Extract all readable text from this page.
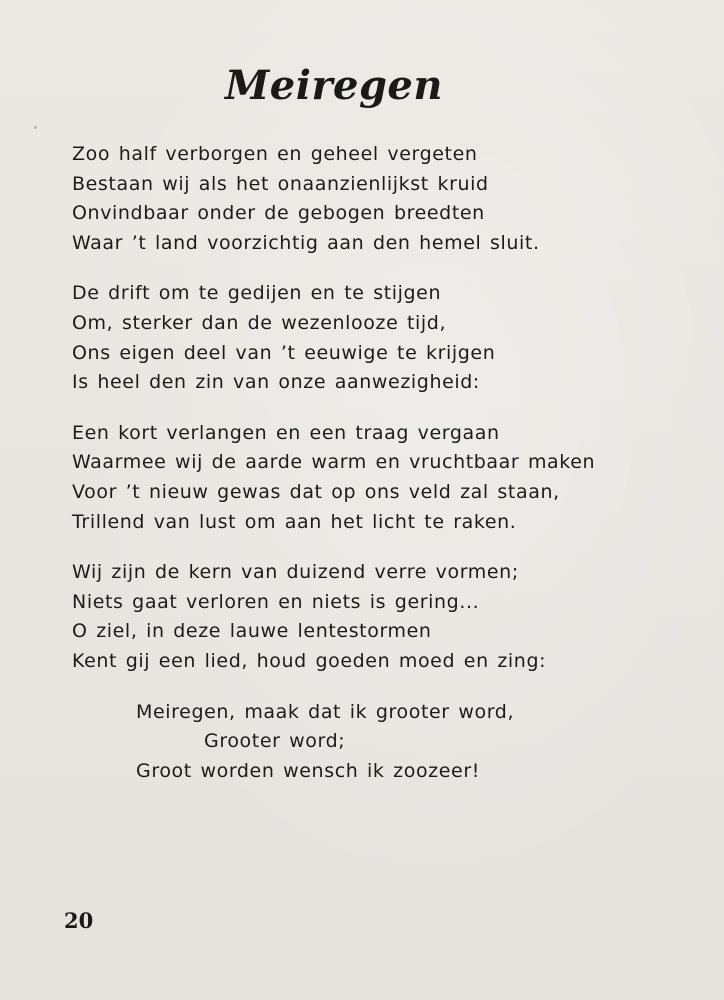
Meiregen
Zoo half verborgen en geheel vergeten
Bestaan wij als het onaanzienlijkst kruid
Onvindbaar onder de gebogen breedten
Waar ’t land voorzichtig aan den hemel sluit.
De drift om te gedijen en te stijgen
Om, sterker dan de wezenlooze tijd,
Ons eigen deel van ’t eeuwige te krijgen
Is heel den zin van onze aanwezigheid:
Een kort verlangen en een traag vergaan
Waarmee wij de aarde warm en vruchtbaar maken
Voor ’t nieuw gewas dat op ons veld zal staan,
Trillend van lust om aan het licht te raken.
Wij zijn de kern van duizend verre vormen;
Niets gaat verloren en niets is gering...
O ziel, in deze lauwe lentestormen
Kent gij een lied, houd goeden moed en zing:
Meiregen, maak dat ik grooter word,
Grooter word;
Groot worden wensch ik zoozeer!
20
